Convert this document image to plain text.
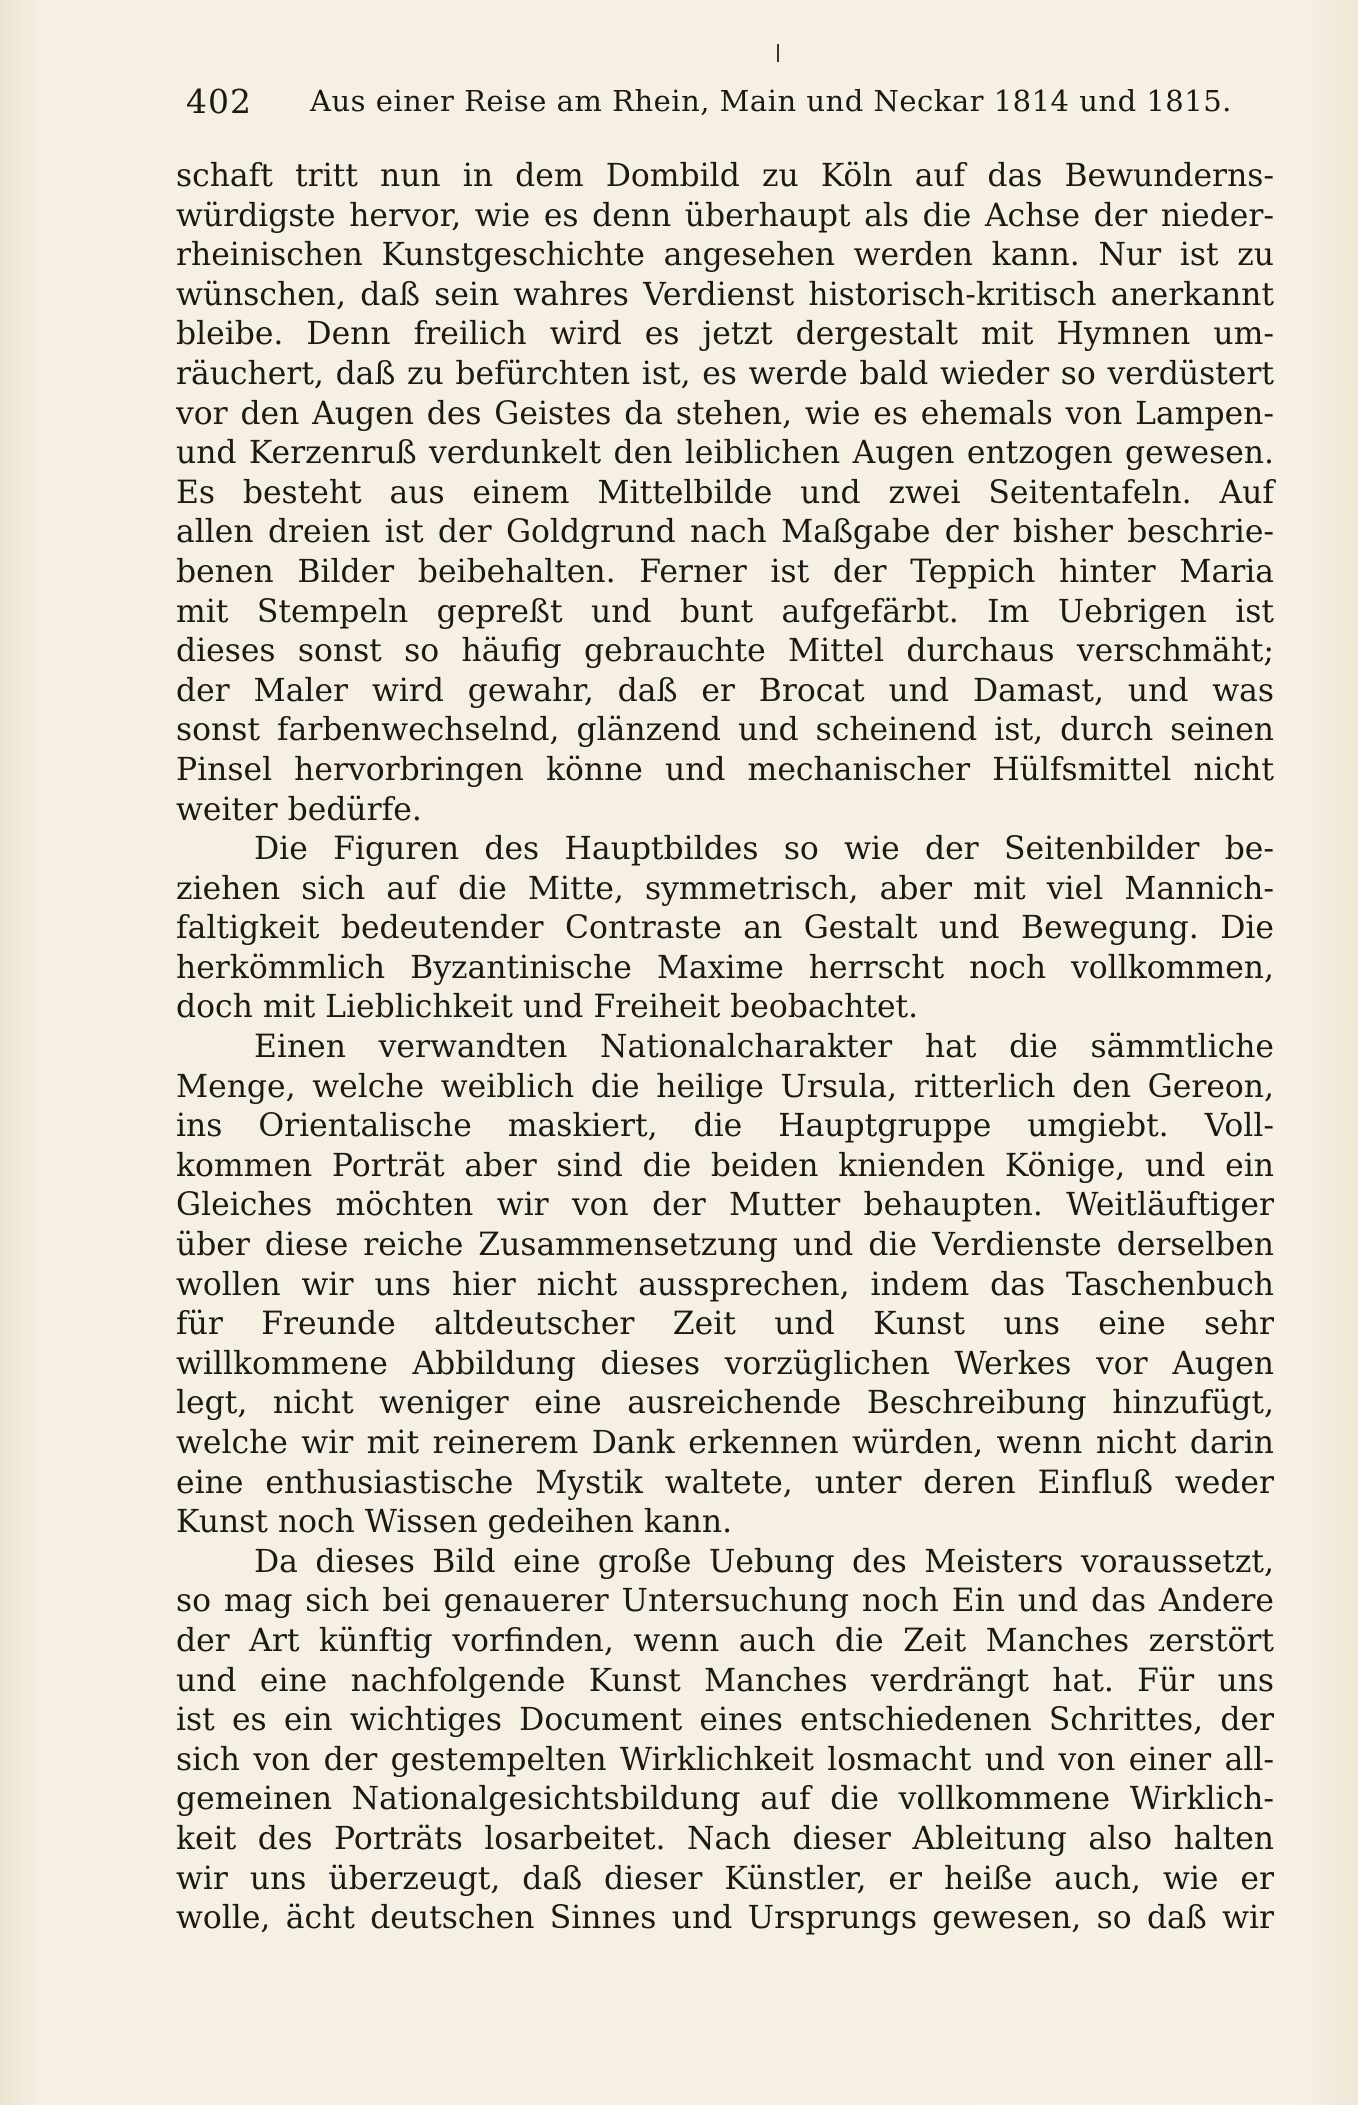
402 Aus einer Reise am Rhein, Main und Neckar 1814 und 1815.
schaft tritt nun in dem Dombild zu Köln auf das Bewunderns-
würdigste hervor, wie es denn überhaupt als die Achse der nieder-
rheinischen Kunstgeschichte angesehen werden kann. Nur ist zu
wünschen, daß sein wahres Verdienst historisch-kritisch anerkannt
bleibe. Denn freilich wird es jetzt dergestalt mit Hymnen um-
räuchert, daß zu befürchten ist, es werde bald wieder so verdüstert
vor den Augen des Geistes da stehen, wie es ehemals von Lampen-
und Kerzenruß verdunkelt den leiblichen Augen entzogen gewesen.
Es besteht aus einem Mittelbilde und zwei Seitentafeln. Auf
allen dreien ist der Goldgrund nach Maßgabe der bisher beschrie-
benen Bilder beibehalten. Ferner ist der Teppich hinter Maria
mit Stempeln gepreßt und bunt aufgefärbt. Im Uebrigen ist
dieses sonst so häufig gebrauchte Mittel durchaus verschmäht;
der Maler wird gewahr, daß er Brocat und Damast, und was
sonst farbenwechselnd, glänzend und scheinend ist, durch seinen
Pinsel hervorbringen könne und mechanischer Hülfsmittel nicht
weiter bedürfe.
Die Figuren des Hauptbildes so wie der Seitenbilder be-
ziehen sich auf die Mitte, symmetrisch, aber mit viel Mannich-
faltigkeit bedeutender Contraste an Gestalt und Bewegung. Die
herkömmlich Byzantinische Maxime herrscht noch vollkommen,
doch mit Lieblichkeit und Freiheit beobachtet.
Einen verwandten Nationalcharakter hat die sämmtliche
Menge, welche weiblich die heilige Ursula, ritterlich den Gereon,
ins Orientalische maskiert, die Hauptgruppe umgiebt. Voll-
kommen Porträt aber sind die beiden knienden Könige, und ein
Gleiches möchten wir von der Mutter behaupten. Weitläuftiger
über diese reiche Zusammensetzung und die Verdienste derselben
wollen wir uns hier nicht aussprechen, indem das Taschenbuch
für Freunde altdeutscher Zeit und Kunst uns eine sehr
willkommene Abbildung dieses vorzüglichen Werkes vor Augen
legt, nicht weniger eine ausreichende Beschreibung hinzufügt,
welche wir mit reinerem Dank erkennen würden, wenn nicht darin
eine enthusiastische Mystik waltete, unter deren Einfluß weder
Kunst noch Wissen gedeihen kann.
Da dieses Bild eine große Uebung des Meisters voraussetzt,
so mag sich bei genauerer Untersuchung noch Ein und das Andere
der Art künftig vorfinden, wenn auch die Zeit Manches zerstört
und eine nachfolgende Kunst Manches verdrängt hat. Für uns
ist es ein wichtiges Document eines entschiedenen Schrittes, der
sich von der gestempelten Wirklichkeit losmacht und von einer all-
gemeinen Nationalgesichtsbildung auf die vollkommene Wirklich-
keit des Porträts losarbeitet. Nach dieser Ableitung also halten
wir uns überzeugt, daß dieser Künstler, er heiße auch, wie er
wolle, ächt deutschen Sinnes und Ursprungs gewesen, so daß wir
